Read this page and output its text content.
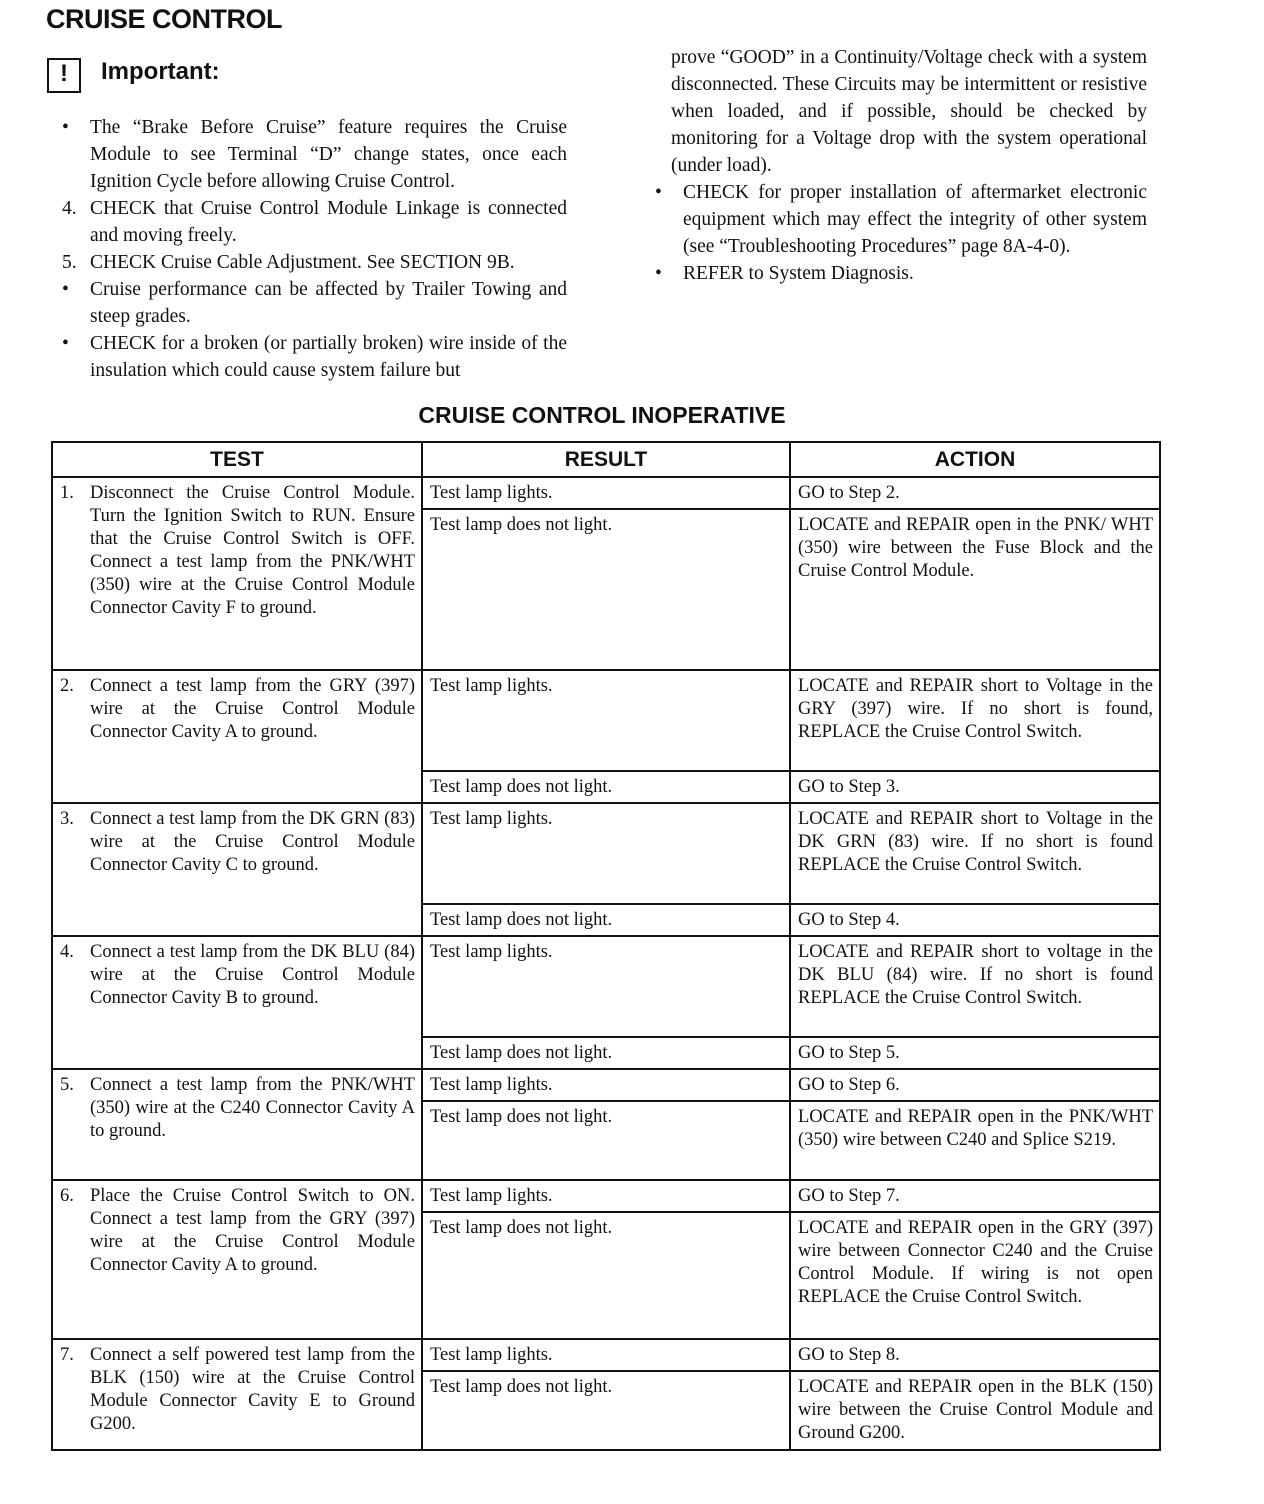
CRUISE CONTROL
!	Important:
•	The “Brake Before Cruise” feature requires the Cruise Module to see Terminal “D” change states, once each Ignition Cycle before allowing Cruise Control.
4. CHECK that Cruise Control Module Linkage is connected and moving freely.
5. CHECK Cruise Cable Adjustment. See SECTION 9B.
•	Cruise performance can be affected by Trailer Towing and steep grades.
•	CHECK for a broken (or partially broken) wire inside of the insulation which could cause system failure but
prove “GOOD” in a Continuity/Voltage check with a system disconnected. These Circuits may be intermittent or resistive when loaded, and if possible, should be checked by monitoring for a Voltage drop with the system operational (under load).
•	CHECK for proper installation of aftermarket electronic equipment which may effect the integrity of other system (see “Troubleshooting Procedures” page 8A-4-0).
•	REFER to System Diagnosis.
CRUISE CONTROL INOPERATIVE
TEST	RESULT	ACTION
1. Disconnect the Cruise Control Module. Turn the Ignition Switch to RUN. Ensure that the Cruise Control Switch is OFF. Connect a test lamp from the PNK/WHT (350) wire at the Cruise Control Module Connector Cavity F to ground.	Test lamp lights.	GO to Step 2.
	Test lamp does not light.	LOCATE and REPAIR open in the PNK/ WHT (350) wire between the Fuse Block and the Cruise Control Module.
2. Connect a test lamp from the GRY (397) wire at the Cruise Control Module Connector Cavity A to ground.	Test lamp lights.	LOCATE and REPAIR short to Voltage in the GRY (397) wire. If no short is found, REPLACE the Cruise Control Switch.
	Test lamp does not light.	GO to Step 3.
3. Connect a test lamp from the DK GRN (83) wire at the Cruise Control Module Connector Cavity C to ground.	Test lamp lights.	LOCATE and REPAIR short to Voltage in the DK GRN (83) wire. If no short is found REPLACE the Cruise Control Switch.
	Test lamp does not light.	GO to Step 4.
4. Connect a test lamp from the DK BLU (84) wire at the Cruise Control Module Connector Cavity B to ground.	Test lamp lights.	LOCATE and REPAIR short to voltage in the DK BLU (84) wire. If no short is found REPLACE the Cruise Control Switch.
	Test lamp does not light.	GO to Step 5.
5. Connect a test lamp from the PNK/WHT (350) wire at the C240 Connector Cavity A to ground.	Test lamp lights.	GO to Step 6.
	Test lamp does not light.	LOCATE and REPAIR open in the PNK/WHT (350) wire between C240 and Splice S219.
6. Place the Cruise Control Switch to ON. Connect a test lamp from the GRY (397) wire at the Cruise Control Module Connector Cavity A to ground.	Test lamp lights.	GO to Step 7.
	Test lamp does not light.	LOCATE and REPAIR open in the GRY (397) wire between Connector C240 and the Cruise Control Module. If wiring is not open REPLACE the Cruise Control Switch.
7. Connect a self powered test lamp from the BLK (150) wire at the Cruise Control Module Connector Cavity E to Ground G200.	Test lamp lights.	GO to Step 8.
	Test lamp does not light.	LOCATE and REPAIR open in the BLK (150) wire between the Cruise Control Module and Ground G200.
